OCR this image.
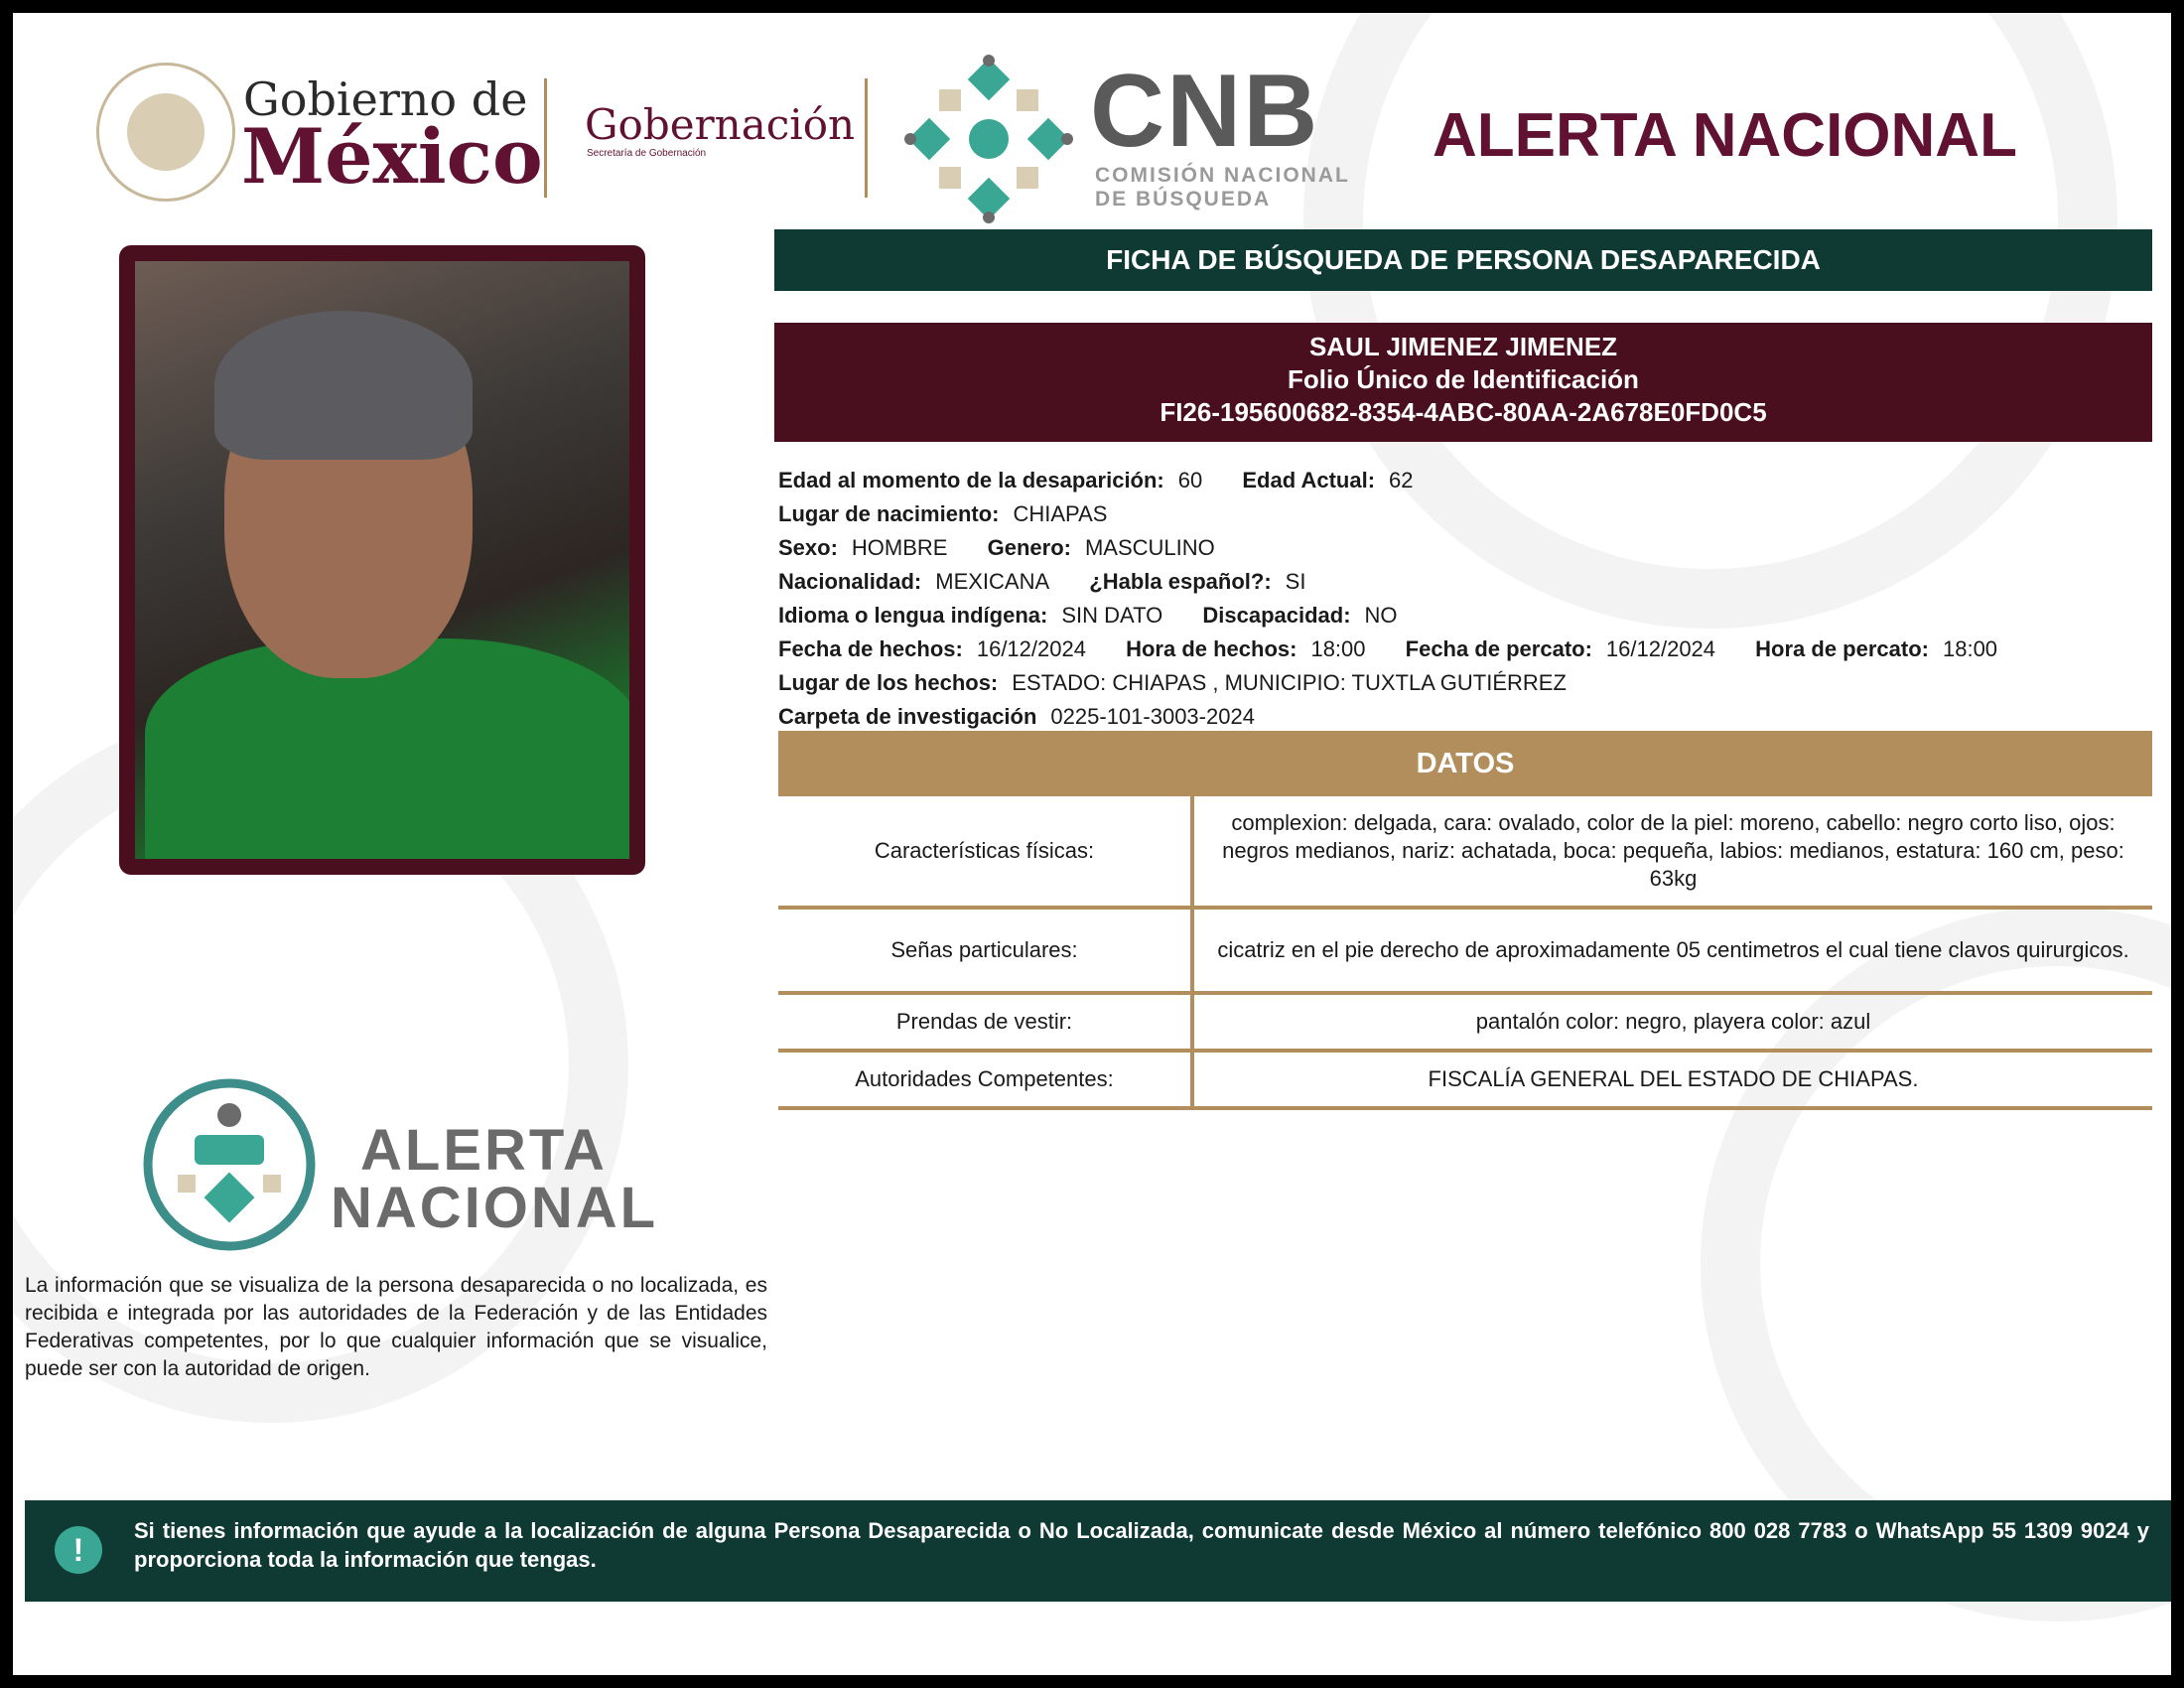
Gobierno de
México Gobernación
Secretaría de Gobernación	CNB
COMISIÓN NACIONAL
DE BÚSQUEDA
ALERTA NACIONAL
FICHA DE BÚSQUEDA DE PERSONA DESAPARECIDA
SAUL JIMENEZ JIMENEZ
Folio Único de Identificación
FI26-195600682-8354-4ABC-80AA-2A678E0FD0C5
Edad al momento de la desaparición: 60 Edad Actual: 62
Lugar de nacimiento: CHIAPAS
Sexo: HOMBRE Genero: MASCULINO
Nacionalidad: MEXICANA ¿Habla español?: SI
Idioma o lengua indígena: SIN DATO Discapacidad: NO
Fecha de hechos: 16/12/2024 Hora de hechos: 18:00 Fecha de percato: 16/12/2024 Hora de percato: 18:00
Lugar de los hechos: ESTADO: CHIAPAS , MUNICIPIO: TUXTLA GUTIÉRREZ
Carpeta de investigación 0225-101-3003-2024
DATOS
Características físicas:
complexion: delgada, cara: ovalado, color de la piel: moreno, cabello: negro corto liso, ojos: negros medianos, nariz: achatada, boca: pequeña, labios: medianos, estatura: 160 cm, peso: 63kg
Señas particulares:	cicatriz en el pie derecho de aproximadamente 05 centimetros el cual tiene clavos quirurgicos.
Prendas de vestir:	pantalón color: negro, playera color: azul
Autoridades Competentes:	FISCALÍA GENERAL DEL ESTADO DE CHIAPAS.
ALERTA
NACIONAL
La información que se visualiza de la persona desaparecida o no localizada, es recibida e integrada por las autoridades de la Federación y de las Entidades Federativas competentes, por lo que cualquier información que se visualice, puede ser con la autoridad de origen.
!
Si tienes información que ayude a la localización de alguna Persona Desaparecida o No Localizada, comunicate desde México al número telefónico 800 028 7783 o WhatsApp 55 1309 9024 y proporciona toda la información que tengas.
